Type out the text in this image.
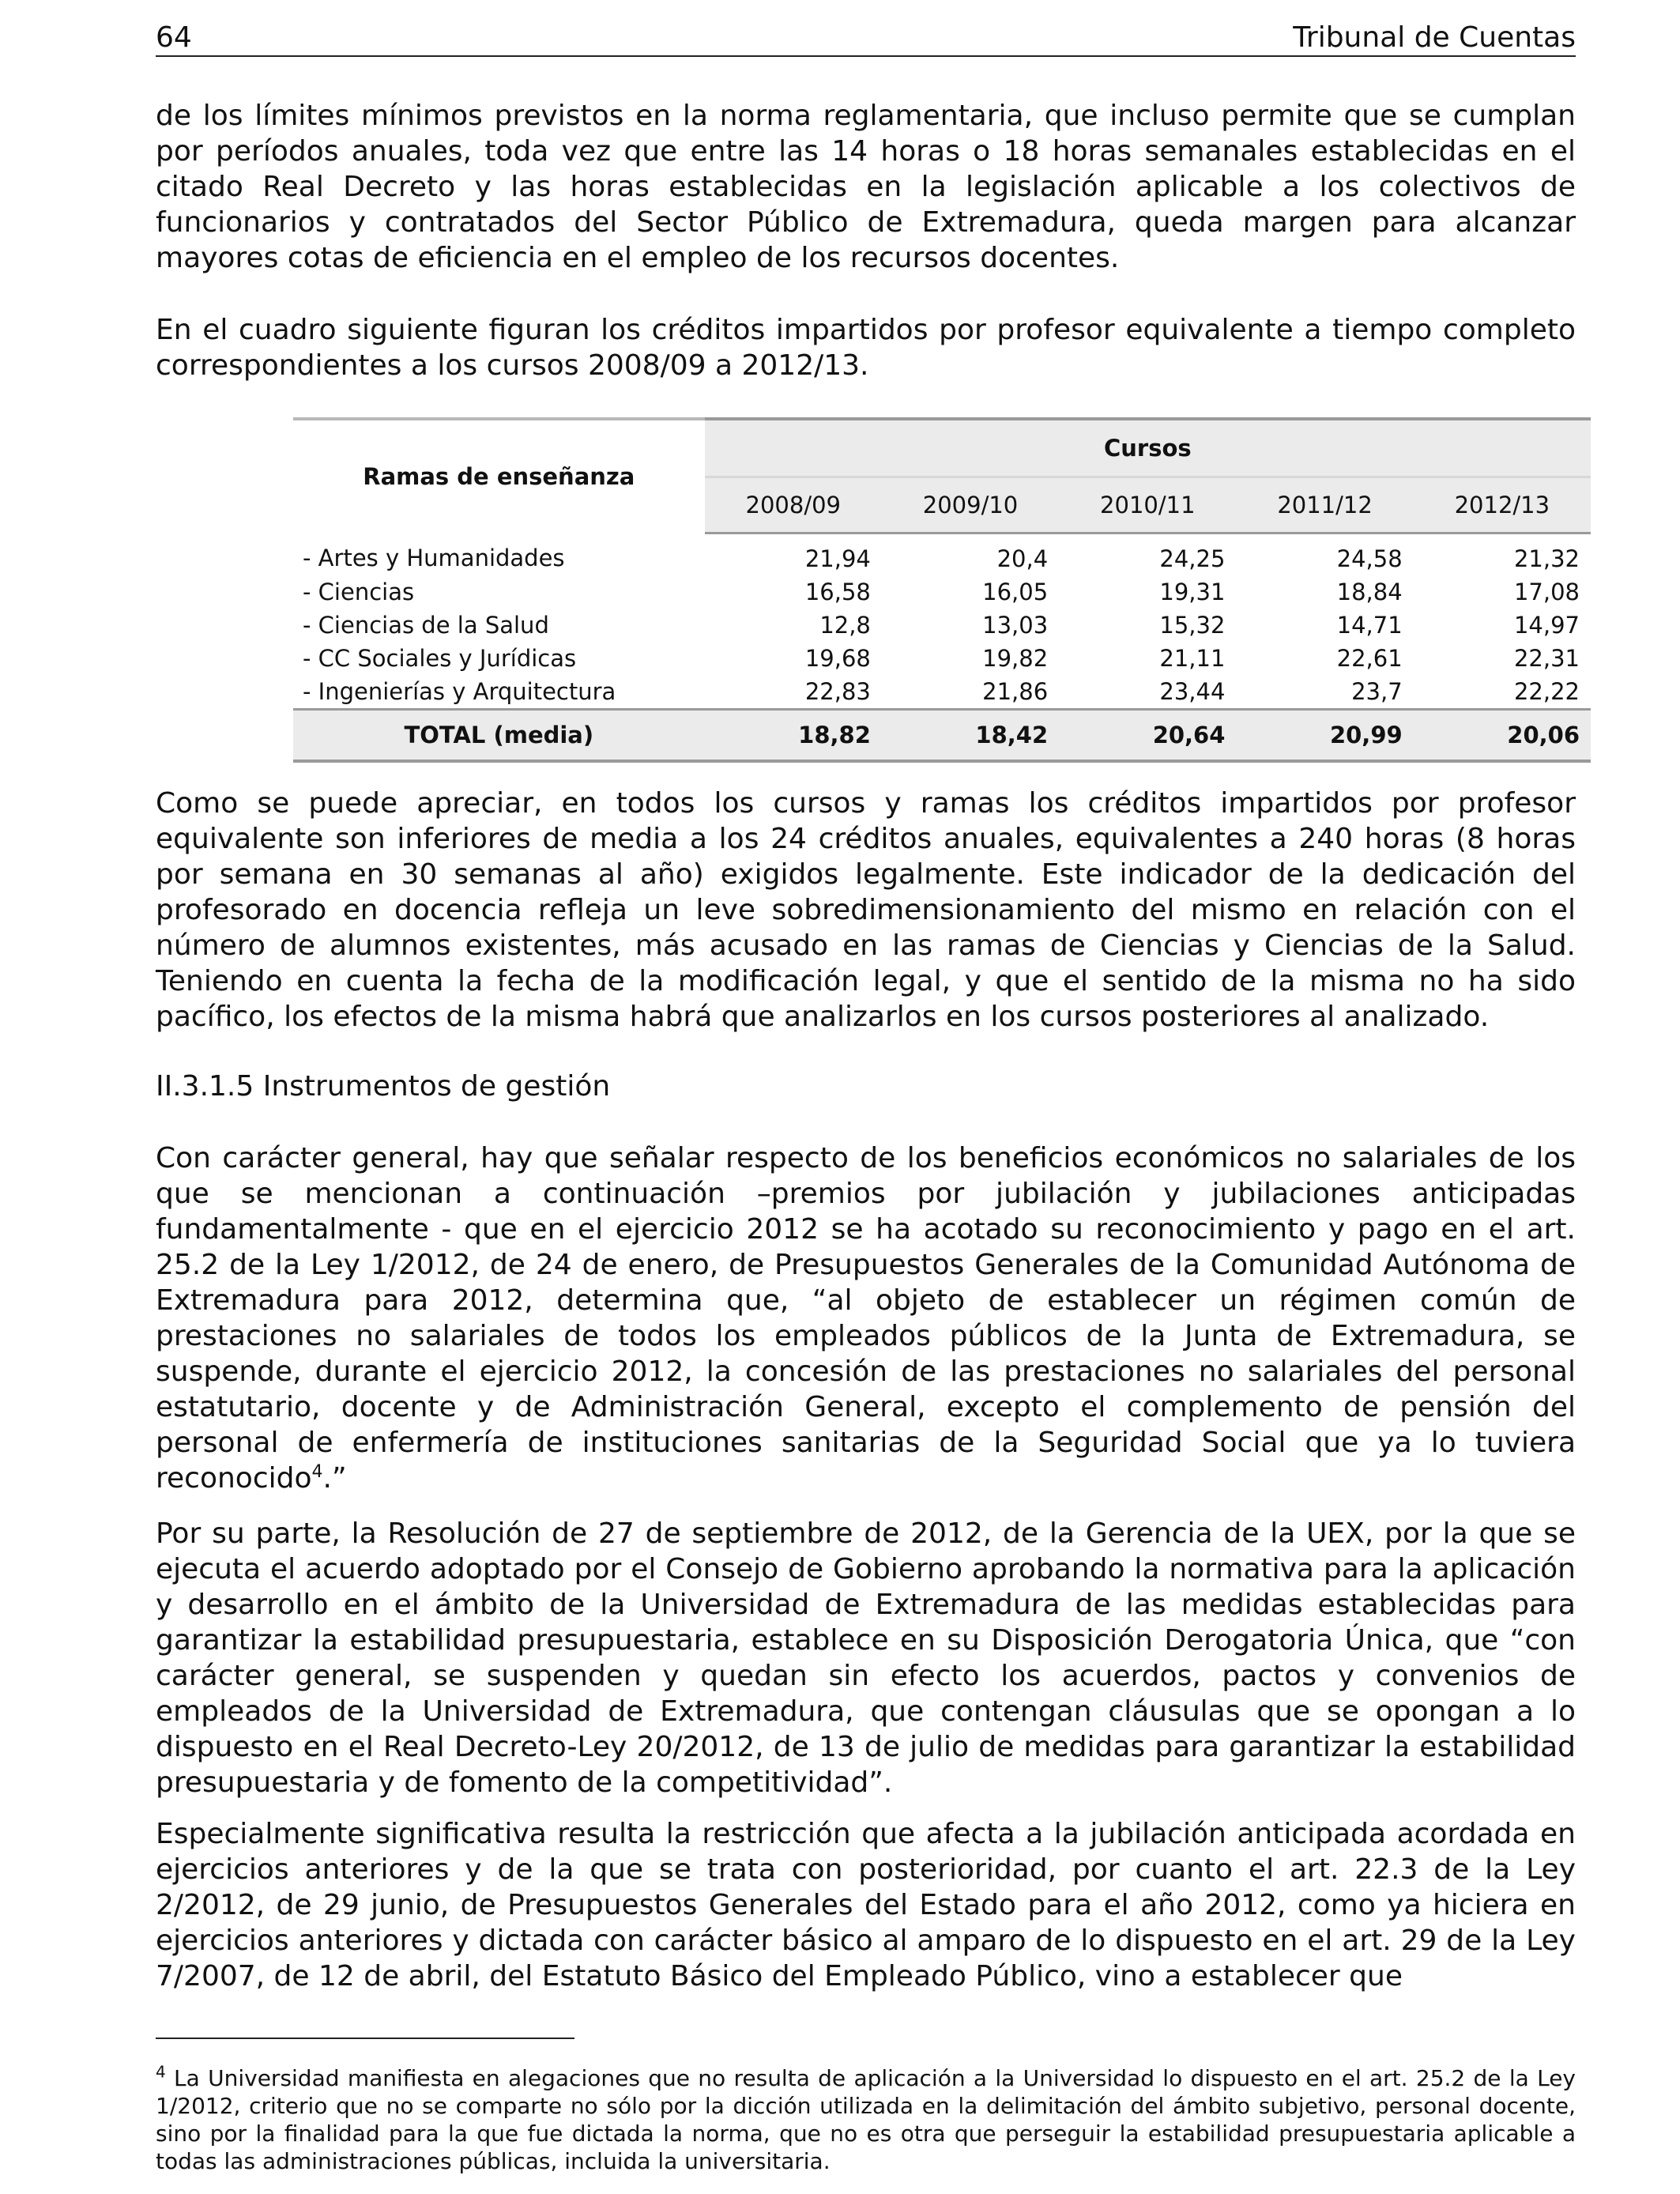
64	Tribunal de Cuentas

de los límites mínimos previstos en la norma reglamentaria, que incluso permite que se cumplan por períodos anuales, toda vez que entre las 14 horas o 18 horas semanales establecidas en el citado Real Decreto y las horas establecidas en la legislación aplicable a los colectivos de funcionarios y contratados del Sector Público de Extremadura, queda margen para alcanzar mayores cotas de eficiencia en el empleo de los recursos docentes.

En el cuadro siguiente figuran los créditos impartidos por profesor equivalente a tiempo completo correspondientes a los cursos 2008/09 a 2012/13.

Ramas de enseñanza	Cursos				
	2008/09	2009/10	2010/11	2011/12	2012/13
- Artes y Humanidades	21,94	20,4	24,25	24,58	21,32
- Ciencias	16,58	16,05	19,31	18,84	17,08
- Ciencias de la Salud	12,8	13,03	15,32	14,71	14,97
- CC Sociales y Jurídicas	19,68	19,82	21,11	22,61	22,31
- Ingenierías y Arquitectura	22,83	21,86	23,44	23,7	22,22
TOTAL (media)	18,82	18,42	20,64	20,99	20,06

Como se puede apreciar, en todos los cursos y ramas los créditos impartidos por profesor equivalente son inferiores de media a los 24 créditos anuales, equivalentes a 240 horas (8 horas por semana en 30 semanas al año) exigidos legalmente. Este indicador de la dedicación del profesorado en docencia refleja un leve sobredimensionamiento del mismo en relación con el número de alumnos existentes, más acusado en las ramas de Ciencias y Ciencias de la Salud. Teniendo en cuenta la fecha de la modificación legal, y que el sentido de la misma no ha sido pacífico, los efectos de la misma habrá que analizarlos en los cursos posteriores al analizado.

II.3.1.5 Instrumentos de gestión

Con carácter general, hay que señalar respecto de los beneficios económicos no salariales de los que se mencionan a continuación –premios por jubilación y jubilaciones anticipadas fundamentalmente - que en el ejercicio 2012 se ha acotado su reconocimiento y pago en el art. 25.2 de la Ley 1/2012, de 24 de enero, de Presupuestos Generales de la Comunidad Autónoma de Extremadura para 2012, determina que, “al objeto de establecer un régimen común de prestaciones no salariales de todos los empleados públicos de la Junta de Extremadura, se suspende, durante el ejercicio 2012, la concesión de las prestaciones no salariales del personal estatutario, docente y de Administración General, excepto el complemento de pensión del personal de enfermería de instituciones sanitarias de la Seguridad Social que ya lo tuviera reconocido$^4$.”

Por su parte, la Resolución de 27 de septiembre de 2012, de la Gerencia de la UEX, por la que se ejecuta el acuerdo adoptado por el Consejo de Gobierno aprobando la normativa para la aplicación y desarrollo en el ámbito de la Universidad de Extremadura de las medidas establecidas para garantizar la estabilidad presupuestaria, establece en su Disposición Derogatoria Única, que “con carácter general, se suspenden y quedan sin efecto los acuerdos, pactos y convenios de empleados de la Universidad de Extremadura, que contengan cláusulas que se opongan a lo dispuesto en el Real Decreto-Ley 20/2012, de 13 de julio de medidas para garantizar la estabilidad presupuestaria y de fomento de la competitividad”.

Especialmente significativa resulta la restricción que afecta a la jubilación anticipada acordada en ejercicios anteriores y de la que se trata con posterioridad, por cuanto el art. 22.3 de la Ley 2/2012, de 29 junio, de Presupuestos Generales del Estado para el año 2012, como ya hiciera en ejercicios anteriores y dictada con carácter básico al amparo de lo dispuesto en el art. 29 de la Ley 7/2007, de 12 de abril, del Estatuto Básico del Empleado Público, vino a establecer que

$^4$ La Universidad manifiesta en alegaciones que no resulta de aplicación a la Universidad lo dispuesto en el art. 25.2 de la Ley 1/2012, criterio que no se comparte no sólo por la dicción utilizada en la delimitación del ámbito subjetivo, personal docente, sino por la finalidad para la que fue dictada la norma, que no es otra que perseguir la estabilidad presupuestaria aplicable a todas las administraciones públicas, incluida la universitaria.
